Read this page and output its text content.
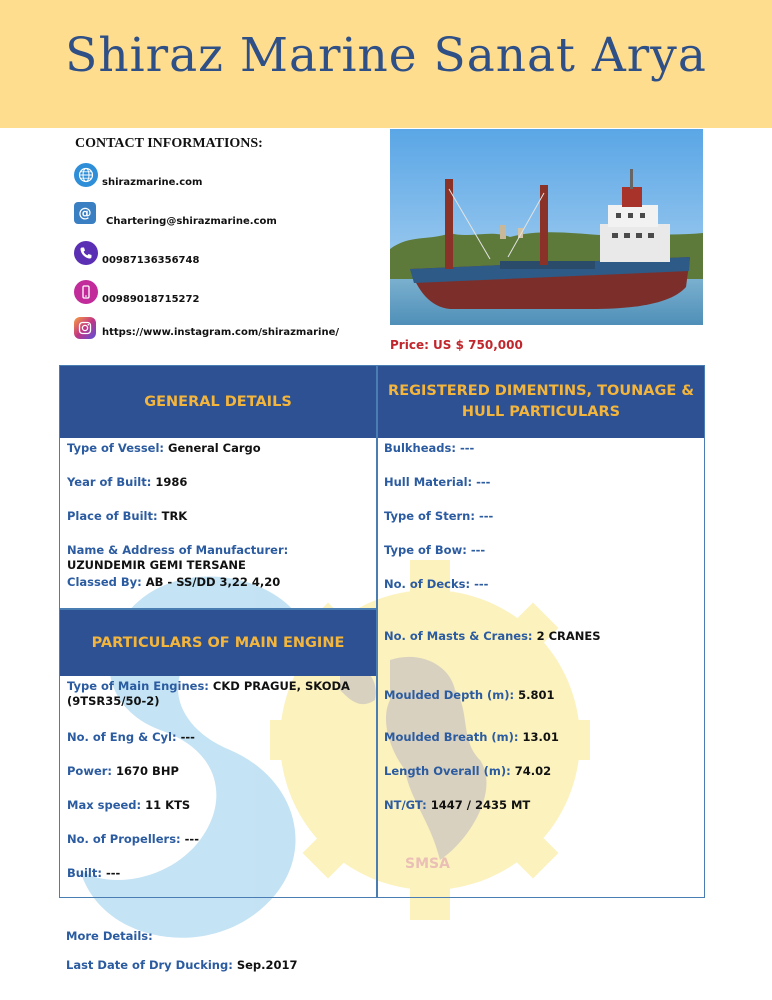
Shiraz Marine Sanat Arya
CONTACT INFORMATIONS:
shirazmarine.com
@
Chartering@shirazmarine.com
00987136356748
00989018715272
https://www.instagram.com/shirazmarine/
Price: US $ 750,000
SMSA
GENERAL DETAILS
REGISTERED DIMENTINS, TOUNAGE &
HULL PARTICULARS
PARTICULARS OF MAIN ENGINE
Type of Vessel: General Cargo
Year of Built: 1986
Place of Built: TRK
Name & Address of Manufacturer: UZUNDEMIR GEMI TERSANE
Classed By: AB - SS/DD 3,22 4,20
Type of Main Engines: CKD PRAGUE, SKODA (9TSR35/50-2)
No. of Eng & Cyl: ---
Power: 1670 BHP
Max speed: 11 KTS
No. of Propellers: ---
Built: ---
Bulkheads: ---
Hull Material: ---
Type of Stern: ---
Type of Bow: ---
No. of Decks: ---
No. of Masts & Cranes: 2 CRANES
Moulded Depth (m): 5.801
Moulded Breath (m): 13.01
Length Overall (m): 74.02
NT/GT: 1447 / 2435 MT
More Details:
Last Date of Dry Ducking: Sep.2017
